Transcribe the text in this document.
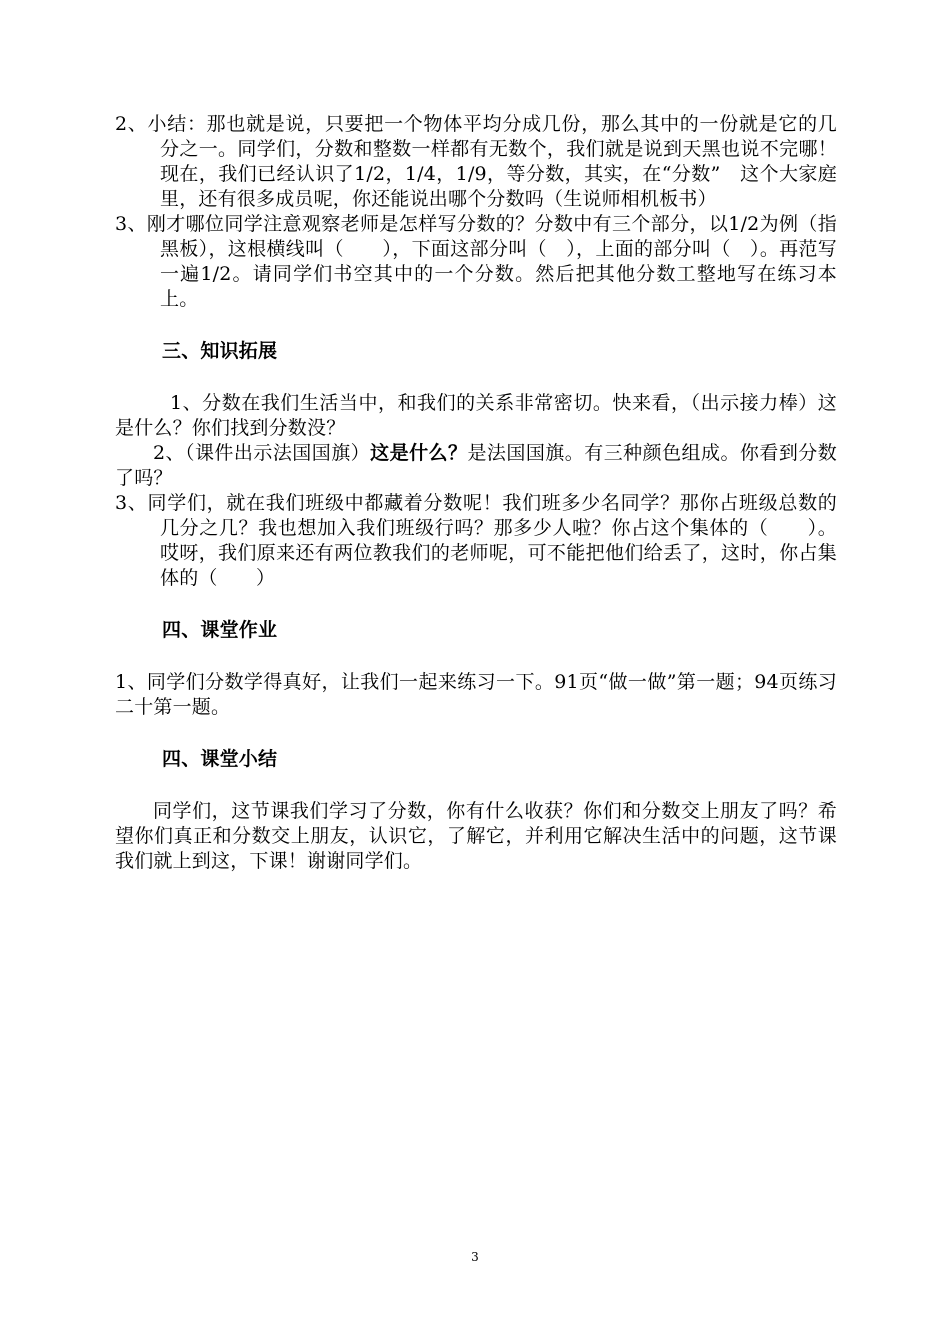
2、小结：那也就是说，只要把一个物体平均分成几份，那么其中的一份就是它的几分之一。同学们，分数和整数一样都有无数个，我们就是说到天黑也说不完哪！　现在，我们已经认识了1/2，1/4，1/9，等分数，其实，在“分数”　这个大家庭里，还有很多成员呢，你还能说出哪个分数吗（生说师相机板书）

3、刚才哪位同学注意观察老师是怎样写分数的？分数中有三个部分，以1/2为例（指黑板），这根横线叫（　　），下面这部分叫（　），上面的部分叫（　）。再范写一遍1/2。请同学们书空其中的一个分数。然后把其他分数工整地写在练习本上。

三、知识拓展

1、分数在我们生活当中，和我们的关系非常密切。快来看，（出示接力棒）这是什么？你们找到分数没？

2、（课件出示法国国旗）这是什么？是法国国旗。有三种颜色组成。你看到分数了吗？

3、同学们，就在我们班级中都藏着分数呢！我们班多少名同学？那你占班级总数的几分之几？我也想加入我们班级行吗？那多少人啦？你占这个集体的（　　）。哎呀，我们原来还有两位教我们的老师呢，可不能把他们给丢了，这时，你占集体的（　　）

四、课堂作业

1、同学们分数学得真好，让我们一起来练习一下。91页“做一做”第一题；94页练习二十第一题。

四、课堂小结

同学们，这节课我们学习了分数，你有什么收获？你们和分数交上朋友了吗？希望你们真正和分数交上朋友，认识它，了解它，并利用它解决生活中的问题，这节课我们就上到这，下课！谢谢同学们。

3
